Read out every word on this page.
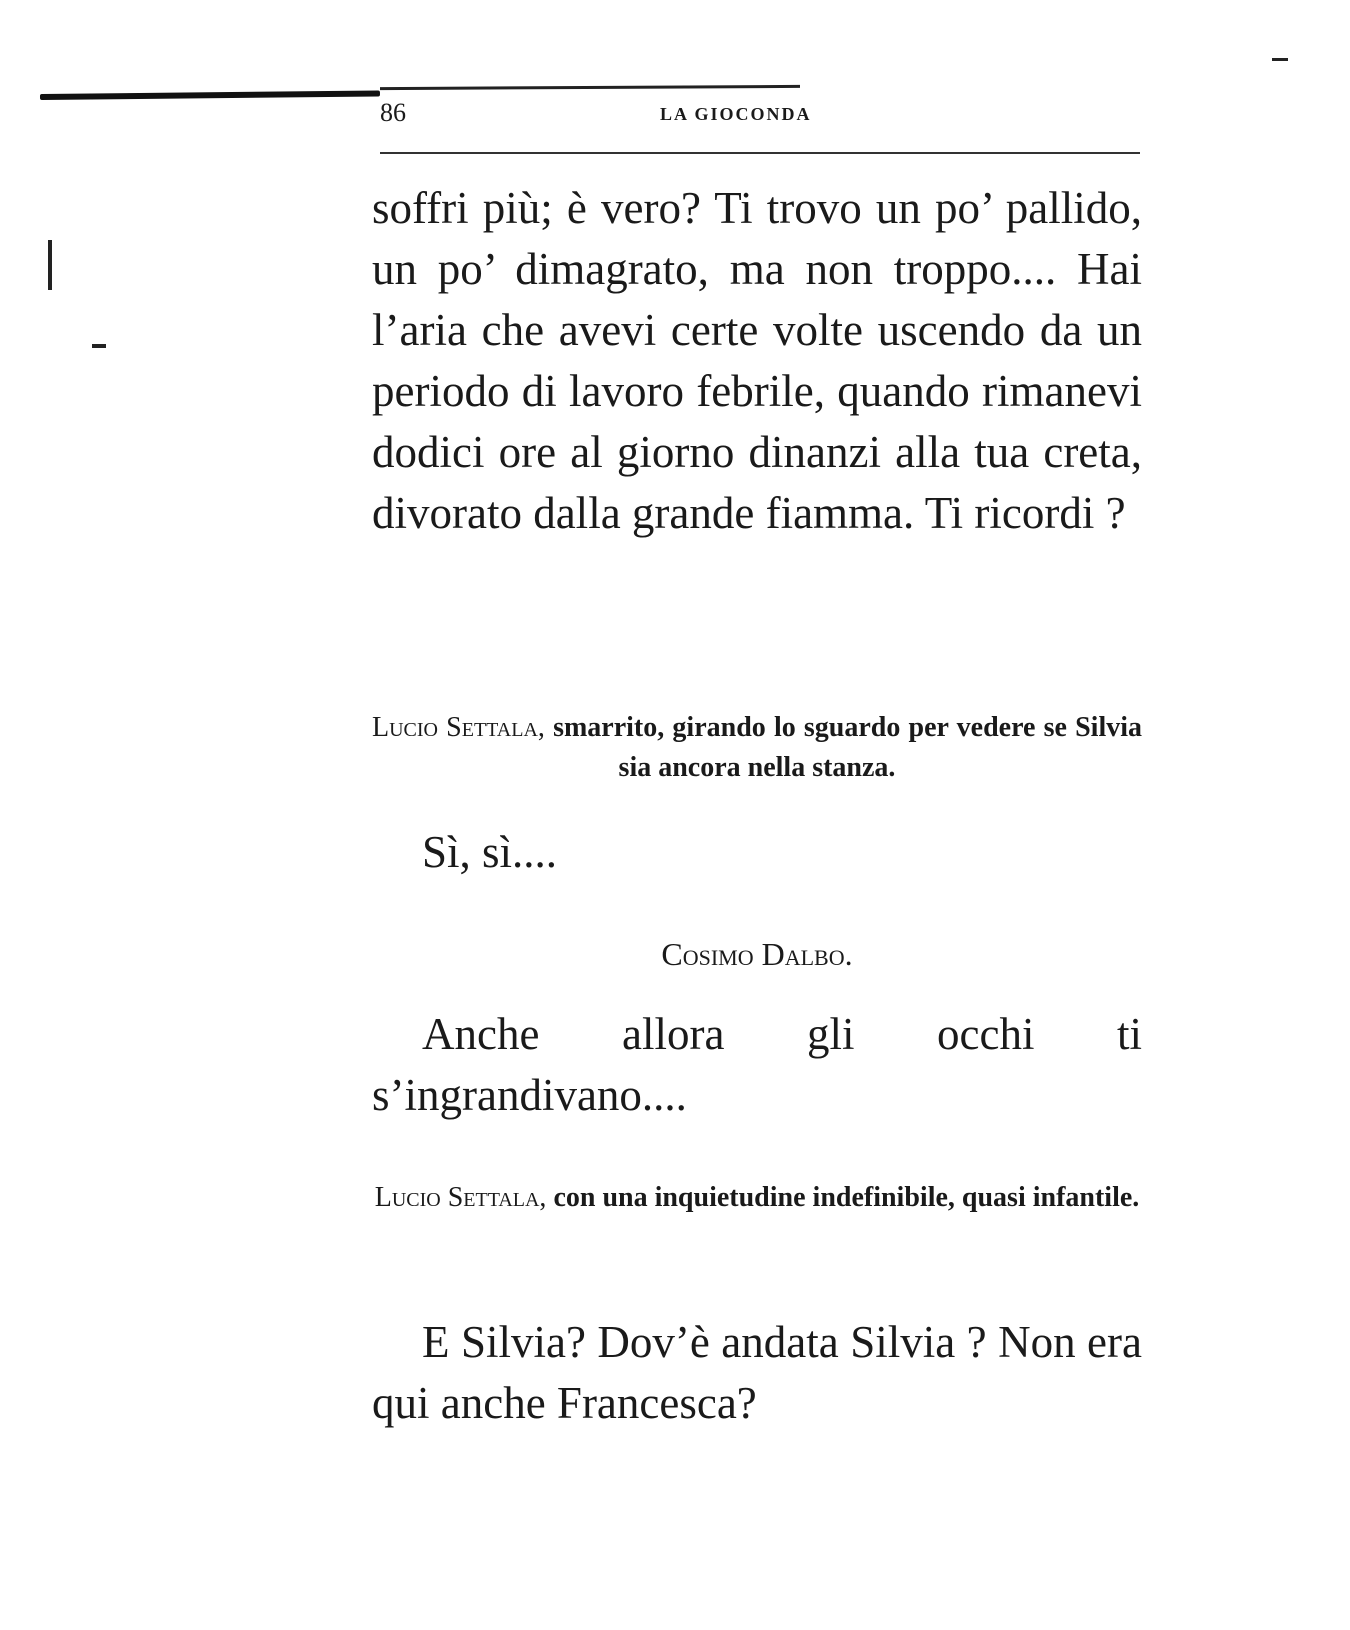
86	LA GIOCONDA

soffri più; è vero? Ti trovo un po’ pallido, un po’ dimagrato, ma non troppo.... Hai l’aria che avevi certe volte uscendo da un periodo di lavoro febrile, quando rimanevi dodici ore al giorno dinanzi alla tua creta, divorato dalla grande fiamma. Ti ricordi ?

Lucio Settala, smarrito, girando lo sguardo per vedere se Silvia sia ancora nella stanza.

Sì, sì....

Cosimo Dalbo.

Anche allora gli occhi ti s’ingrandivano....

Lucio Settala, con una inquietudine indefinibile, quasi infantile.

E Silvia? Dov’è andata Silvia ? Non era qui anche Francesca?
